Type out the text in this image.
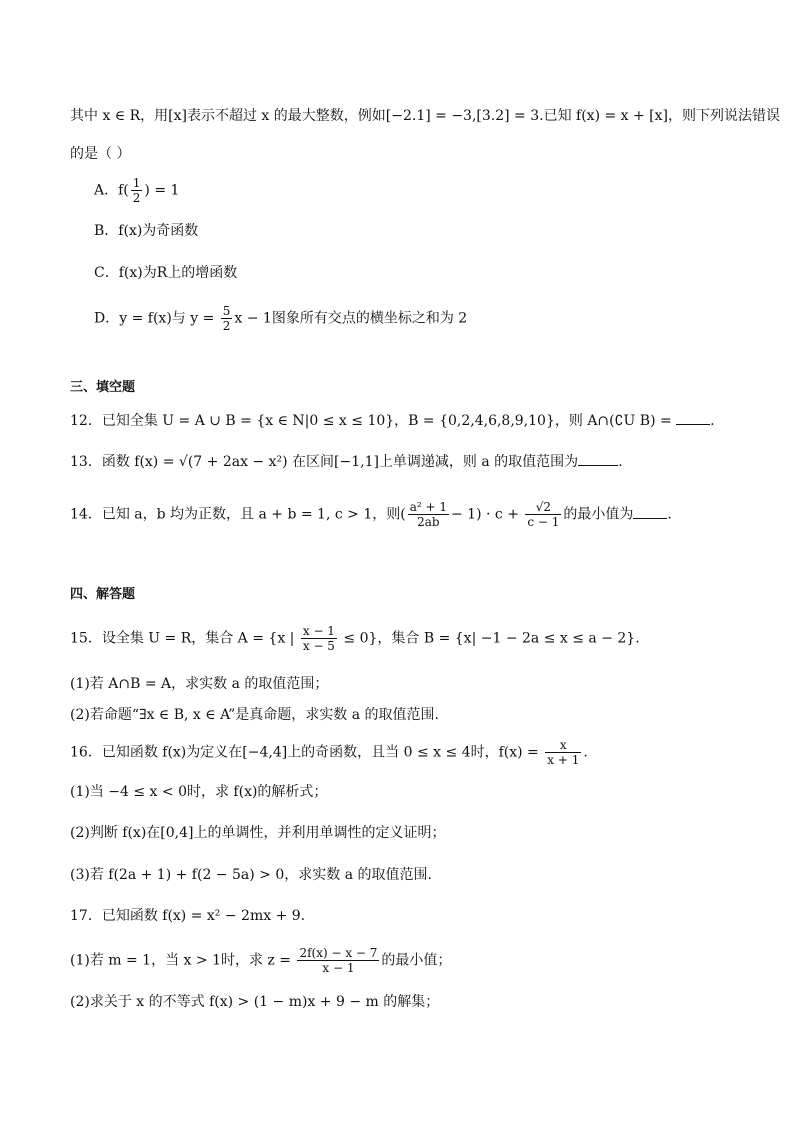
其中 x ∈ R，用[x]表示不超过 x 的最大整数，例如[−2.1] = −3,[3.2] = 3.已知 f(x) = x + [x]，则下列说法错误
的是（ ）
A．$f( \frac{1}{2}$ ) = 1
B．f(x)为奇函数
C．f(x)为R上的增函数
D．y = f(x)与 $y = \frac{5}{2}$ x − 1图象所有交点的横坐标之和为 2
三、填空题
12．已知全集 U = A ∪ B = {x ∈ N|0 ≤ x ≤ 10}，B = {0,2,4,6,8,9,10}，则 A∩(∁U B) = .
13．函数 f(x) = √(7 + 2ax − x²) 在区间[−1,1]上单调递减，则 a 的取值范围为	.
14．已知 a，b 均为正数，且 a + b = 1, c > 1，则( $\frac{\text{a² + 1}}{2ab} - 1) \cdot c + \frac{√2}{c - 1}$ 的最小值为 .
四、解答题
15．设全集 U = R，集合 A = {x | $\frac{x - 1}{x - 5} \le 0$}，集合 B = {x| −1 − 2a ≤ x ≤ a − 2}.
(1)若 A∩B = A，求实数 a 的取值范围；
(2)若命题“∃x ∈ B, x ∈ A”是真命题，求实数 a 的取值范围.
16．已知函数 f(x)为定义在[−4,4]上的奇函数，且当 0 ≤ x ≤ 4时，$f(x) = \frac{x}{x + 1}$ .
(1)当 −4 ≤ x < 0时，求 f(x)的解析式；
(2)判断 f(x)在[0,4]上的单调性，并利用单调性的定义证明；
(3)若 f(2a + 1) + f(2 − 5a) > 0，求实数 a 的取值范围.
17．已知函数 f(x) = x² − 2mx + 9.
(1)若 m = 1，当 x > 1时，求 $z = \frac{2f(x) - x - 7}{x - 1}$ 的最小值；
(2)求关于 x 的不等式 f(x) > (1 − m)x + 9 − m 的解集；
